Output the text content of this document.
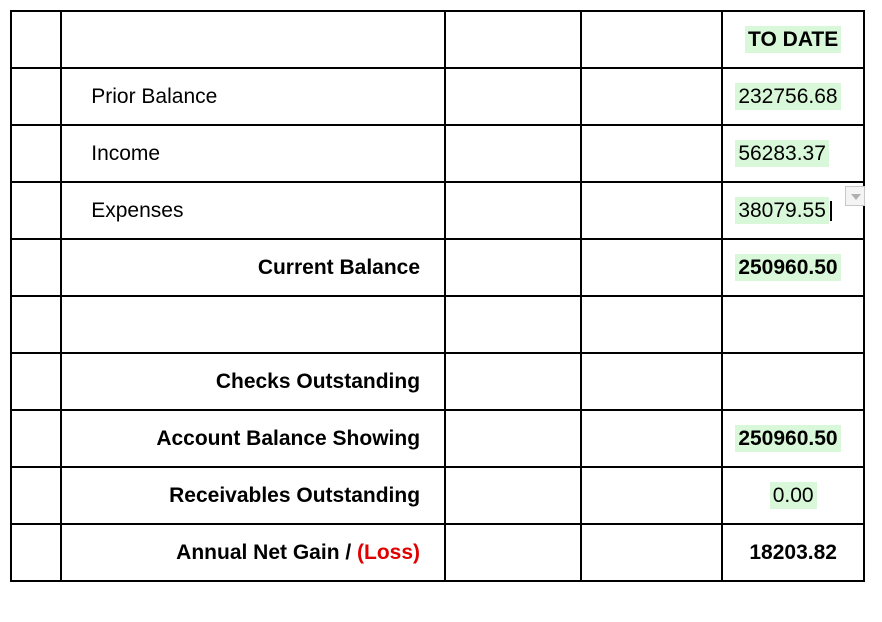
				TO DATE
	Prior Balance			232756.68
	Income			56283.37
	Expenses			38079.55

	Current Balance			250960.50

	Checks Outstanding			
	Account Balance Showing			250960.50
	Receivables Outstanding			0.00
	Annual Net Gain / (Loss)			18203.82
